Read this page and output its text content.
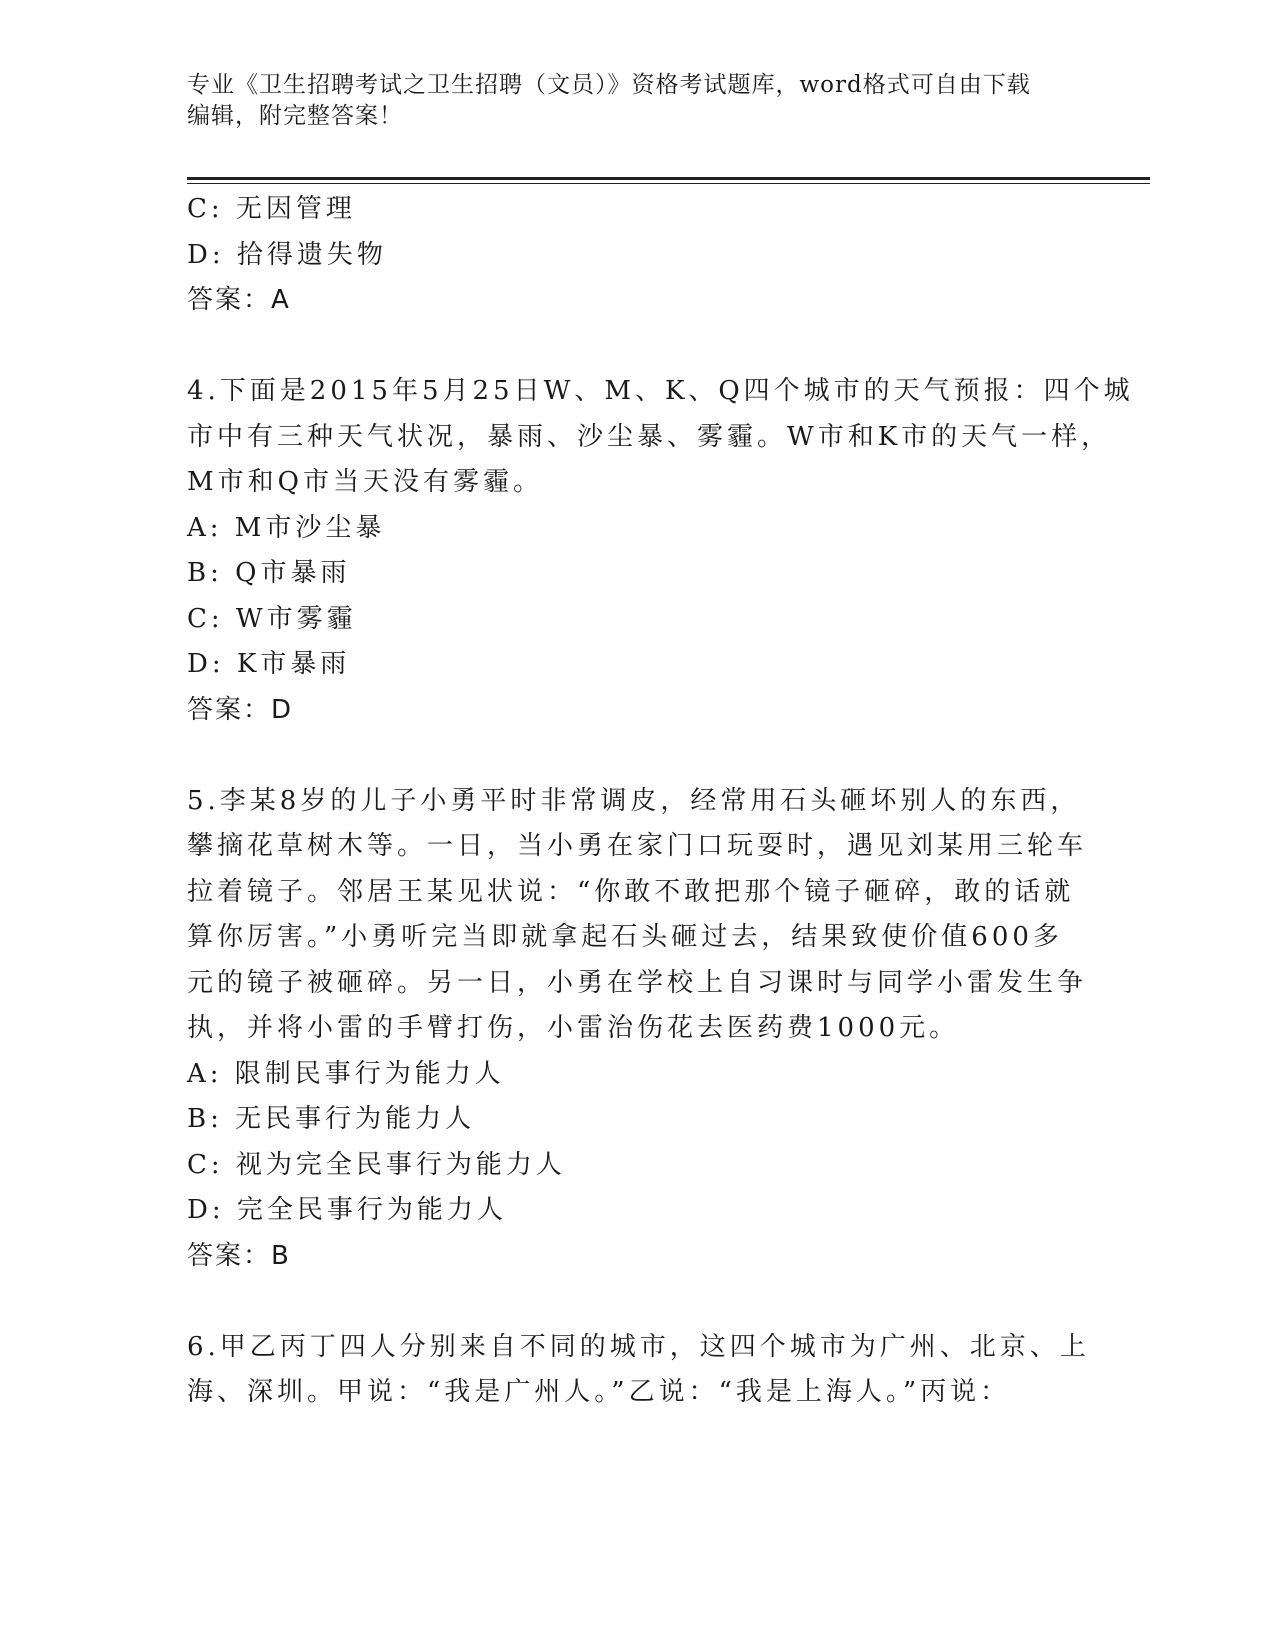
专业《卫生招聘考试之卫生招聘（文员）》资格考试题库，word格式可自由下载
编辑，附完整答案！
C: 无因管理
D: 拾得遗失物
答案：A
4.下面是2015年5月25日W、M、K、Q四个城市的天气预报：四个城
市中有三种天气状况，暴雨、沙尘暴、雾霾。W市和K市的天气一样，
M市和Q市当天没有雾霾。
A: M市沙尘暴
B: Q市暴雨
C: W市雾霾
D: K市暴雨
答案：D
5.李某8岁的儿子小勇平时非常调皮，经常用石头砸坏别人的东西，
攀摘花草树木等。一日，当小勇在家门口玩耍时，遇见刘某用三轮车
拉着镜子。邻居王某见状说：“你敢不敢把那个镜子砸碎，敢的话就
算你厉害。”小勇听完当即就拿起石头砸过去，结果致使价值600多
元的镜子被砸碎。另一日，小勇在学校上自习课时与同学小雷发生争
执，并将小雷的手臂打伤，小雷治伤花去医药费1000元。
A: 限制民事行为能力人
B: 无民事行为能力人
C: 视为完全民事行为能力人
D: 完全民事行为能力人
答案：B
6.甲乙丙丁四人分别来自不同的城市，这四个城市为广州、北京、上
海、深圳。甲说：“我是广州人。”乙说：“我是上海人。”丙说：
